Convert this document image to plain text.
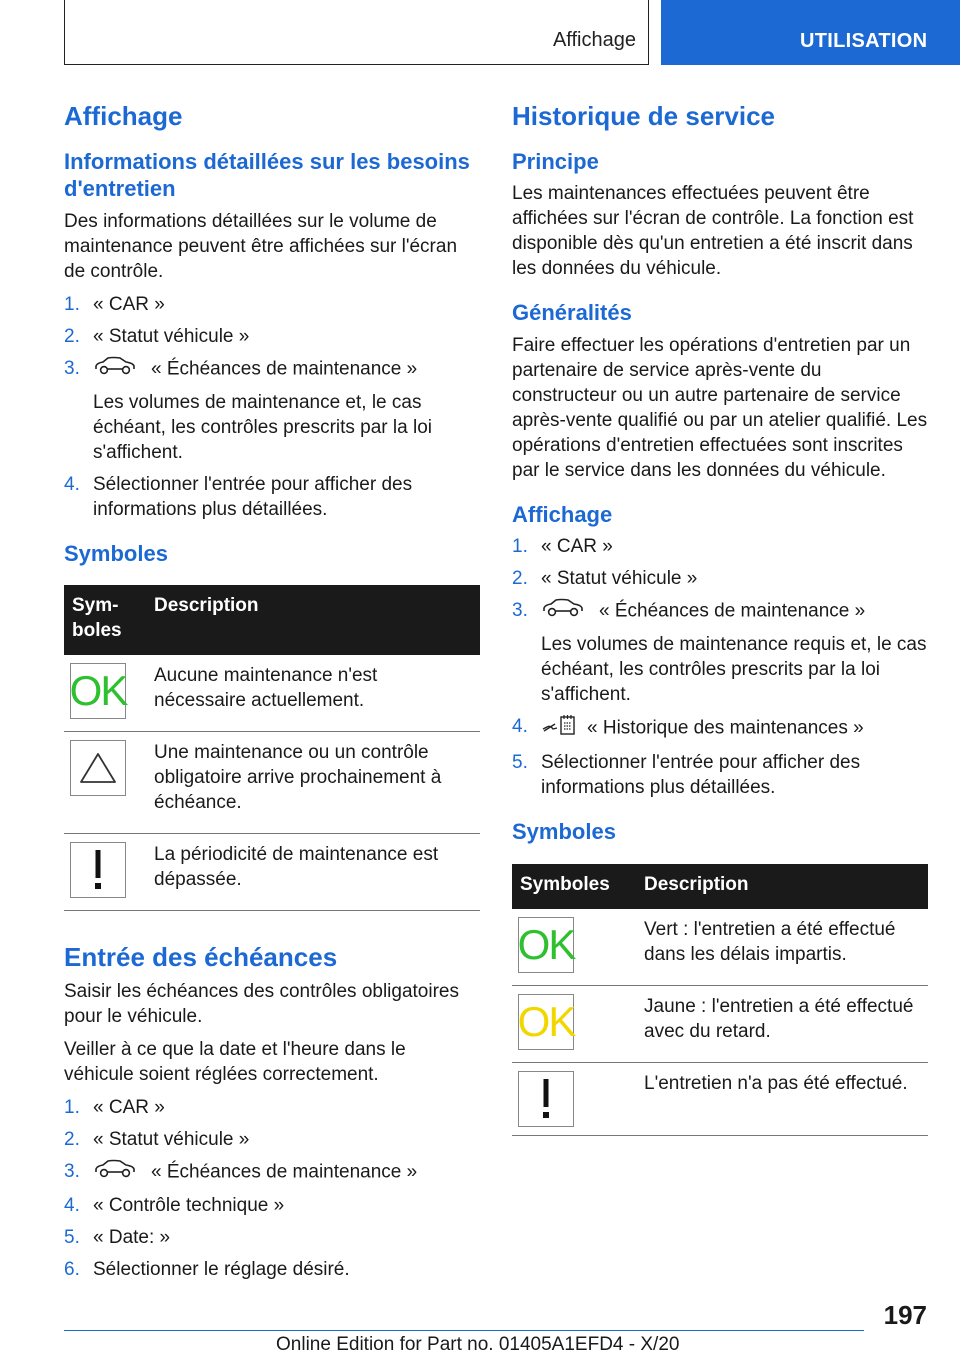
Affichage	UTILISATION
Affichage
Informations détaillées sur les besoins d'entretien

Des informations détaillées sur le volume de maintenance peuvent être affichées sur l'écran de contrôle.

1. « CAR »
2. « Statut véhicule »
3.	« Échéances de maintenance »
Les volumes de maintenance et, le cas échéant, les contrôles prescrits par la loi s'affichent.
4. Sélectionner l'entrée pour afficher des informations plus détaillées.
Symboles
Sym-boles	Description

OK	Aucune maintenance n'est nécessaire actuellement.

	Une maintenance ou un contrôle obligatoire arrive prochainement à échéance.

	La périodicité de maintenance est dépassée.
Entrée des échéances

Saisir les échéances des contrôles obligatoires pour le véhicule.

Veiller à ce que la date et l'heure dans le véhicule soient réglées correctement.

1. « CAR »
2. « Statut véhicule »
3.	« Échéances de maintenance »
4. « Contrôle technique »
5. « Date: »
6. Sélectionner le réglage désiré.
Historique de service
Principe

Les maintenances effectuées peuvent être affichées sur l'écran de contrôle. La fonction est disponible dès qu'un entretien a été inscrit dans les données du véhicule.

Généralités

Faire effectuer les opérations d'entretien par un partenaire de service après-vente du constructeur ou un autre partenaire de service après-vente qualifié ou par un atelier qualifié. Les opérations d'entretien effectuées sont inscrites par le service dans les données du véhicule.

Affichage
1. « CAR »
2. « Statut véhicule »
3.	« Échéances de maintenance »
Les volumes de maintenance requis et, le cas échéant, les contrôles prescrits par la loi s'affichent.
4.	« Historique des maintenances »
5. Sélectionner l'entrée pour afficher des informations plus détaillées.
Symboles
Symboles	Description

OK	Vert : l'entretien a été effectué dans les délais impartis.

OK	Jaune : l'entretien a été effectué avec du retard.

	L'entretien n'a pas été effectué.
197
Online Edition for Part no. 01405A1EFD4 - X/20
